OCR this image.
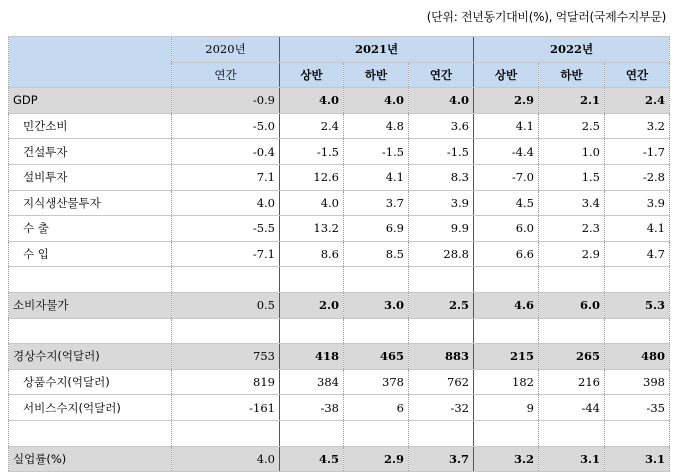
(단위: 전년동기대비(%), 억달러(국제수지부문)
	2020년	2021년			2022년		
	연간	상반	하반	연간	상반	하반	연간
GDP	-0.9	4.0	4.0	4.0	2.9	2.1	2.4
민간소비	-5.0	2.4	4.8	3.6	4.1	2.5	3.2
건설투자	-0.4	-1.5	-1.5	-1.5	-4.4	1.0	-1.7
설비투자	7.1	12.6	4.1	8.3	-7.0	1.5	-2.8
지식생산물투자	4.0	4.0	3.7	3.9	4.5	3.4	3.9
수 출	-5.5	13.2	6.9	9.9	6.0	2.3	4.1
수 입	-7.1	8.6	8.5	28.8	6.6	2.9	4.7

소비자물가	0.5	2.0	3.0	2.5	4.6	6.0	5.3

경상수지(억달러)	753	418	465	883	215	265	480
상품수지(억달러)	819	384	378	762	182	216	398
서비스수지(억달러)	-161	-38	6	-32	9	-44	-35

실업률(%)	4.0	4.5	2.9	3.7	3.2	3.1	3.1
